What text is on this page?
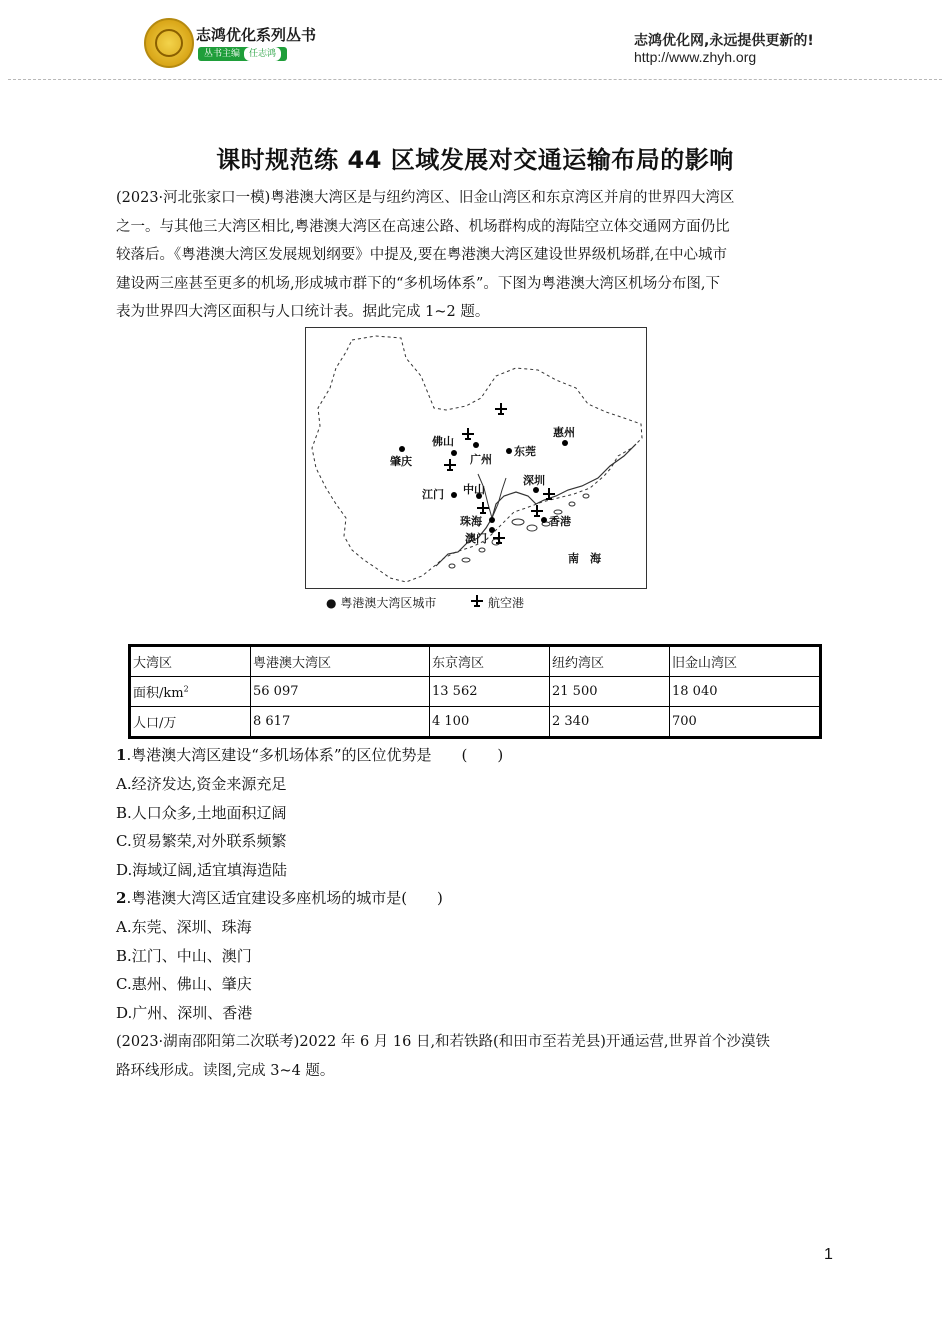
志鸿优化系列丛书
丛书主编 任志鸿
志鸿优化网,永远提供更新的!
http://www.zhyh.org
课时规范练 44 区域发展对交通运输布局的影响
(2023·河北张家口一模)粤港澳大湾区是与纽约湾区、旧金山湾区和东京湾区并肩的世界四大湾区
之一。与其他三大湾区相比,粤港澳大湾区在高速公路、机场群构成的海陆空立体交通网方面仍比
较落后。《粤港澳大湾区发展规划纲要》中提及,要在粤港澳大湾区建设世界级机场群,在中心城市
建设两三座甚至更多的机场,形成城市群下的“多机场体系”。下图为粤港澳大湾区机场分布图,下
表为世界四大湾区面积与人口统计表。据此完成 1~2 题。
肇庆
佛山
广州
东莞
惠州
江门 中山
深圳
珠海
澳门
香港
南　海
● 粤港澳大湾区城市	航空港
大湾区	粤港澳大湾区	东京湾区	纽约湾区	旧金山湾区
面积$/km^2$	56 097	13 562	21 500	18 040
人口/万	8 617	4 100	2 340	700
1.粤港澳大湾区建设“多机场体系”的区位优势是　　(　　)
A.经济发达,资金来源充足
B.人口众多,土地面积辽阔
C.贸易繁荣,对外联系频繁
D.海域辽阔,适宜填海造陆
2.粤港澳大湾区适宜建设多座机场的城市是(　　)
A.东莞、深圳、珠海
B.江门、中山、澳门
C.惠州、佛山、肇庆
D.广州、深圳、香港
(2023·湖南邵阳第二次联考)2022 年 6 月 16 日,和若铁路(和田市至若羌县)开通运营,世界首个沙漠铁
路环线形成。读图,完成 3~4 题。
1
